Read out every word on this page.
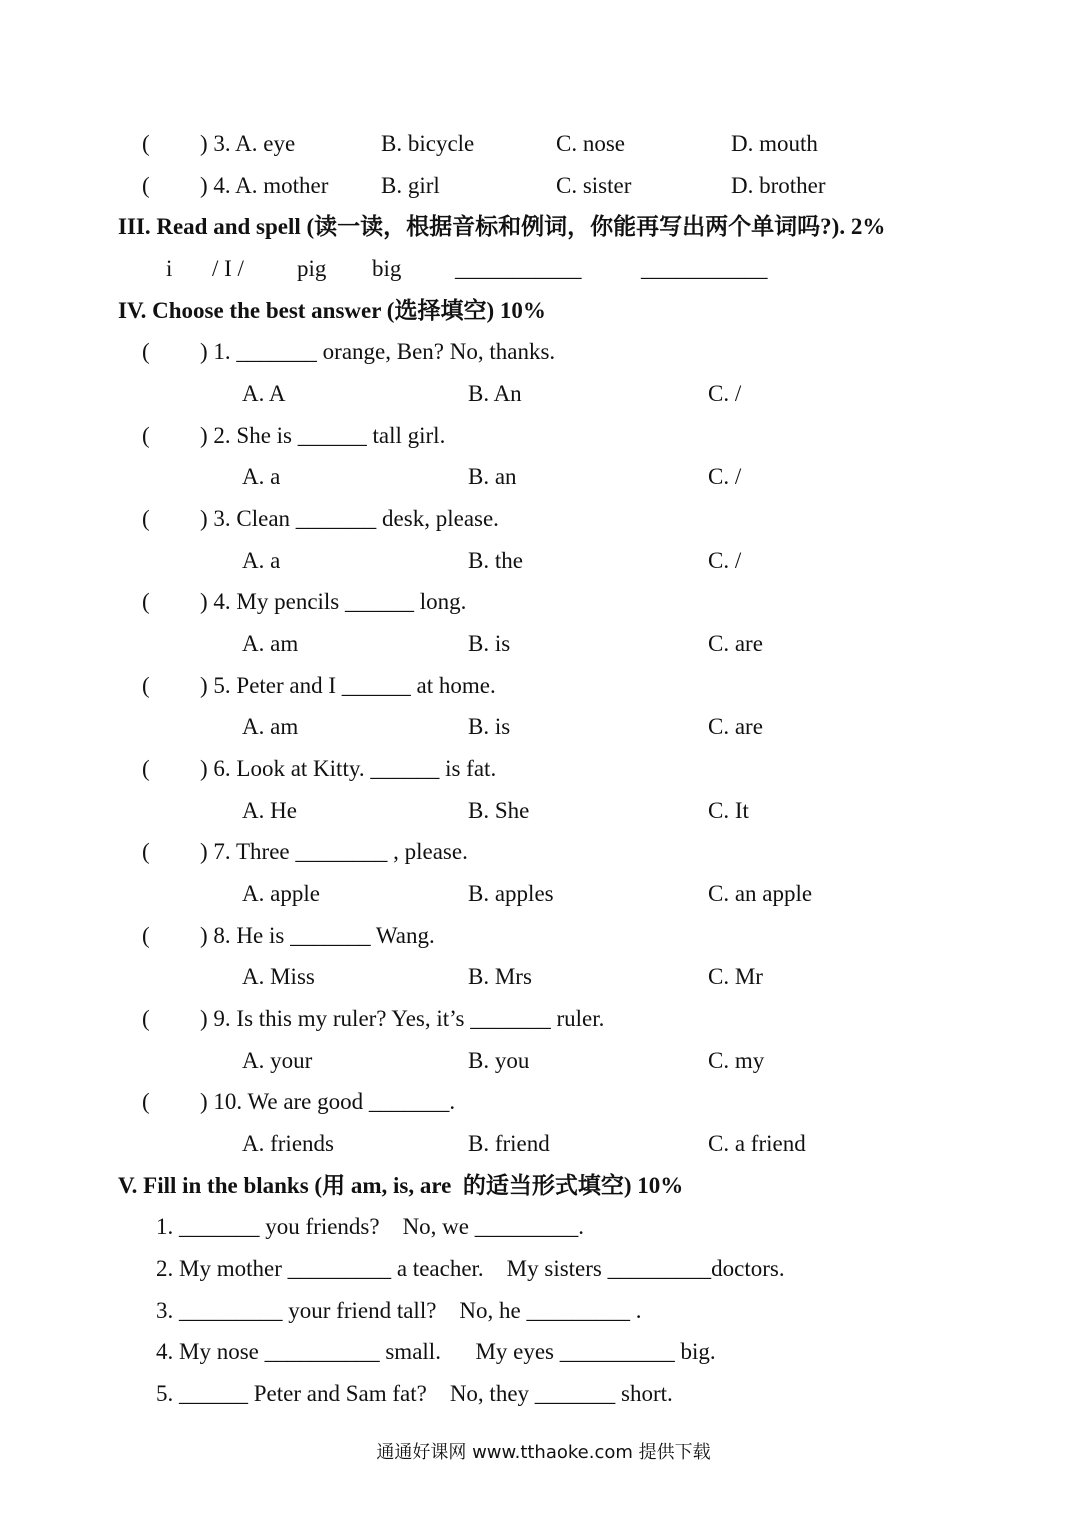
( ) 3. A. eye	B. bicycle	C. nose	D. mouth
( ) 4. A. mother B. girl	C. sister	D. brother
III. Read and spell (读一读，根据音标和例词，你能再写出两个单词吗?). 2%
i / I / pig big ___________	___________
IV. Choose the best answer (选择填空) 10%
( ) 1. _______ orange, Ben? No, thanks.
A. A	B. An	C. /
( ) 2. She is ______ tall girl.
A. a	B. an	C. /
( ) 3. Clean _______ desk, please.
A. a	B. the	C. /
( ) 4. My pencils ______ long.
A. am	B. is	C. are
( ) 5. Peter and I ______ at home.
A. am	B. is	C. are
( ) 6. Look at Kitty. ______ is fat.
A. He	B. She	C. It
( ) 7. Three ________ , please.
A. apple	B. apples	C. an apple
( ) 8. He is _______ Wang.
A. Miss	B. Mrs	C. Mr
( ) 9. Is this my ruler? Yes, it’s _______ ruler.
A. your	B. you	C. my
( ) 10. We are good _______.
A. friends	B. friend	C. a friend
V. Fill in the blanks (用 am, is, are  的适当形式填空) 10%
1. _______ you friends?    No, we _________.
2. My mother _________ a teacher.    My sisters _________doctors.
3. _________ your friend tall?    No, he _________ .
4. My nose __________ small.      My eyes __________ big.
5. ______ Peter and Sam fat?    No, they _______ short.
通通好课网 www.tthaoke.com 提供下载
